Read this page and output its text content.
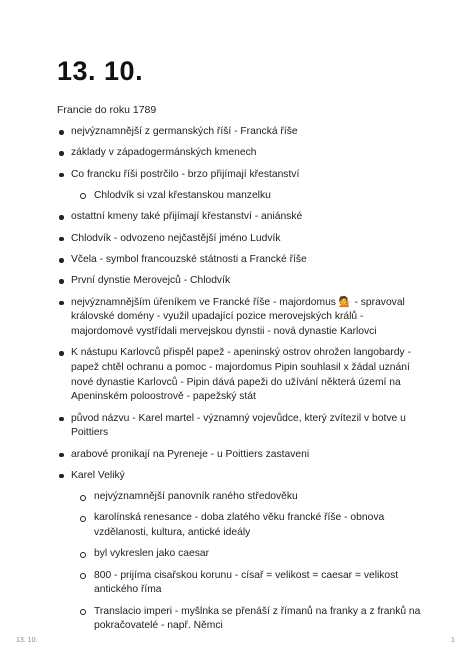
13. 10.
Francie do roku 1789
nejvýznamnější z germanských říší - Francká říše
základy v západogermánských kmenech
Co francku říši postrčilo - brzo přijímají křestanství
Chlodvík si vzal křestanskou manzelku
ostattní kmeny také přijímají křestanství - aniánské
Chlodvík - odvozeno nejčastější jméno Ludvík
Včela - symbol francouzské státnosti a Francké říše
První dynstie Merovejců - Chlodvík
nejvýznamnějším úřeníkem ve Francké říše - majordomus 💁 - spravoval královské domény - využil upadající pozice merovejských králů - majordomové vystřídali mervejskou dynstii - nová dynastie Karlovci
K nástupu Karlovců přispěl papež - apeninský ostrov ohrožen langobardy - papež chtěl ochranu a pomoc - majordomus Pipin souhlasil x žádal uznání nové dynastie Karlovců - Pipin dává papeži do užívání některá území na Apeninském poloostrově - papežský stát
původ názvu - Karel martel - významný vojevůdce, který zvítezil v botve u Poittiers
arabové pronikají na Pyreneje - u Poittiers zastaveni
Karel Veliký
nejvýznamnější panovník raného středověku
karolínská renesance - doba zlatého věku francké říše - obnova vzdělanosti, kultura, antické ideály
byl vykreslen jako caesar
800 - prijíma cisařskou korunu - císař = velikost = caesar = velikost antického říma
Translacio imperi - myšlnka se přenáší z římanů na franky a z franků na pokračovatelé - např. Němci
13. 10.	1
